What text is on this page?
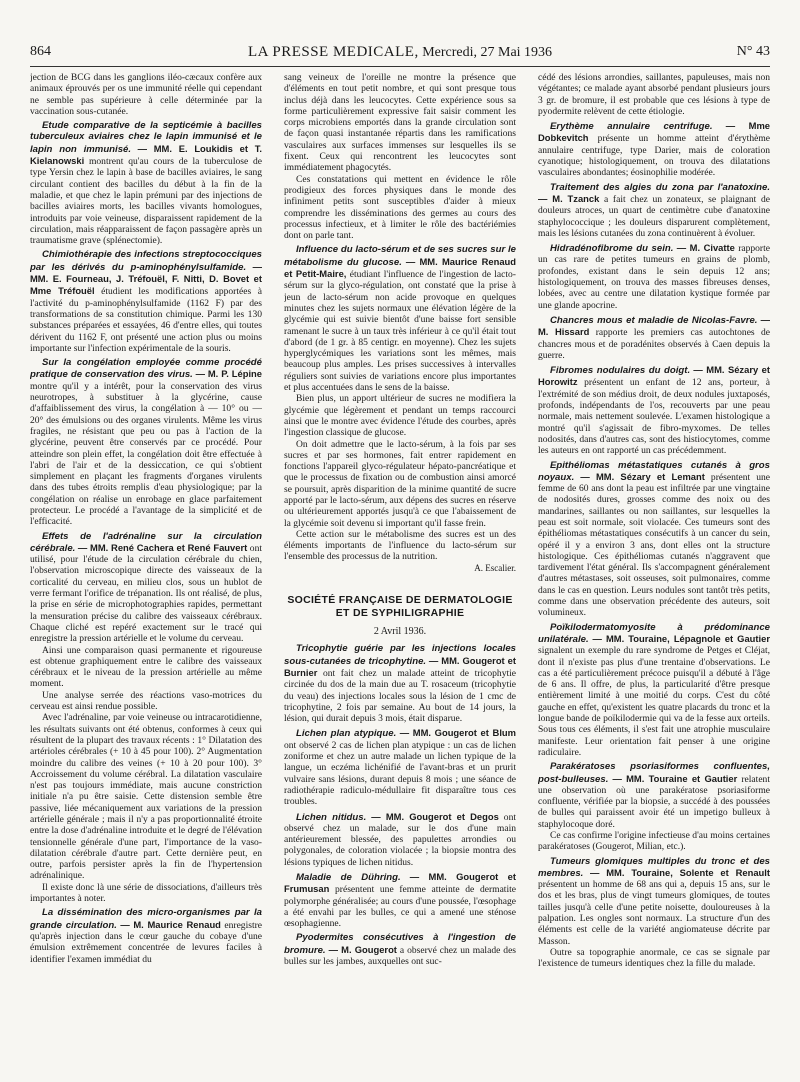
864	LA PRESSE MEDICALE, Mercredi, 27 Mai 1936	N° 43

jection de BCG dans les ganglions iléo-cæcaux confère aux animaux éprouvés per os une immunité réelle qui cependant ne semble pas supérieure à celle déterminée par la vaccination sous-cutanée.

Etude comparative de la septicémie à bacilles tuberculeux aviaires chez le lapin immunisé et le lapin non immunisé. — MM. E. Loukidis et T. Kielanowski montrent qu'au cours de la tuberculose de type Yersin chez le lapin à base de bacilles aviaires, le sang circulant contient des bacilles du début à la fin de la maladie, et que chez le lapin prémuni par des injections de bacilles aviaires morts, les bacilles vivants homologues, introduits par voie veineuse, disparaissent rapidement de la circulation, mais réapparaissent de façon passagère après un traumatisme grave (splénectomie).

Chimiothérapie des infections streptococciques par les dérivés du p-aminophénylsulfamide. — MM. E. Fourneau, J. Tréfouël, F. Nitti, D. Bovet et Mme Tréfouël étudient les modifications apportées à l'activité du p-aminophénylsulfamide (1162 F) par des transformations de sa constitution chimique. Parmi les 130 substances préparées et essayées, 46 d'entre elles, qui toutes dérivent du 1162 F, ont présenté une action plus ou moins importante sur l'infection expérimentale de la souris.

Sur la congélation employée comme procédé pratique de conservation des virus. — M. P. Lépine montre qu'il y a intérêt, pour la conservation des virus neurotropes, à substituer à la glycérine, cause d'affaiblissement des virus, la congélation à — 10° ou — 20° des émulsions ou des organes virulents. Même les virus fragiles, ne résistant que peu ou pas à l'action de la glycérine, peuvent être conservés par ce procédé. Pour atteindre son plein effet, la congélation doit être effectuée à l'abri de l'air et de la dessiccation, ce qui s'obtient simplement en plaçant les fragments d'organes virulents dans des tubes étroits remplis d'eau physiologique; par la congélation on réalise un enrobage en glace parfaitement protecteur. Le procédé a l'avantage de la simplicité et de l'efficacité.

Effets de l'adrénaline sur la circulation cérébrale. — MM. René Cachera et René Fauvert ont utilisé, pour l'étude de la circulation cérébrale du chien, l'observation microscopique directe des vaisseaux de la corticalité du cerveau, en milieu clos, sous un hublot de verre fermant l'orifice de trépanation. Ils ont réalisé, de plus, la prise en série de microphotographies rapides, permettant la mensuration précise du calibre des vaisseaux cérébraux. Chaque cliché est repéré exactement sur le tracé qui enregistre la pression artérielle et le volume du cerveau.

Ainsi une comparaison quasi permanente et rigoureuse est obtenue graphiquement entre le calibre des vaisseaux cérébraux et le niveau de la pression artérielle au même moment.

Une analyse serrée des réactions vaso-motrices du cerveau est ainsi rendue possible.

Avec l'adrénaline, par voie veineuse ou intracarotidienne, les résultats suivants ont été obtenus, conformes à ceux qui résultent de la plupart des travaux récents : 1° Dilatation des artérioles cérébrales (+ 10 à 45 pour 100). 2° Augmentation moindre du calibre des veines (+ 10 à 20 pour 100). 3° Accroissement du volume cérébral. La dilatation vasculaire n'est pas toujours immédiate, mais aucune constriction initiale n'a pu être saisie. Cette distension semble être passive, liée mécaniquement aux variations de la pression artérielle générale ; mais il n'y a pas proportionnalité étroite entre la dose d'adrénaline introduite et le degré de l'élévation tensionnelle générale d'une part, l'importance de la vaso-dilatation cérébrale d'autre part. Cette dernière peut, en outre, parfois persister après la fin de l'hypertension adrénalinique.

Il existe donc là une série de dissociations, d'ailleurs très importantes à noter.

La dissémination des micro-organismes par la grande circulation. — M. Maurice Renaud enregistre qu'après injection dans le cœur gauche du cobaye d'une émulsion extrêmement concentrée de levures faciles à identifier l'examen immédiat du

sang veineux de l'oreille ne montre la présence que d'éléments en tout petit nombre, et qui sont presque tous inclus déjà dans les leucocytes. Cette expérience sous sa forme particulièrement expressive fait saisir comment les corps microbiens emportés dans la grande circulation sont de façon quasi instantanée répartis dans les ramifications vasculaires aux surfaces immenses sur lesquelles ils se fixent. Ceux qui rencontrent les leucocytes sont immédiatement phagocytés.

Ces constatations qui mettent en évidence le rôle prodigieux des forces physiques dans le monde des infiniment petits sont susceptibles d'aider à mieux comprendre les disséminations des germes au cours des processus infectieux, et à limiter le rôle des bactériémies dont on parle tant.

Influence du lacto-sérum et de ses sucres sur le métabolisme du glucose. — MM. Maurice Renaud et Petit-Maire, étudiant l'influence de l'ingestion de lacto-sérum sur la glyco-régulation, ont constaté que la prise à jeun de lacto-sérum non acide provoque en quelques minutes chez les sujets normaux une élévation légère de la glycémie qui est suivie bientôt d'une baisse fort sensible ramenant le sucre à un taux très inférieur à ce qu'il était tout d'abord (de 1 gr. à 85 centigr. en moyenne). Chez les sujets hyperglycémiques les variations sont les mêmes, mais beaucoup plus amples. Les prises successives à intervalles réguliers sont suivies de variations encore plus importantes et plus accentuées dans le sens de la baisse.

Bien plus, un apport ultérieur de sucres ne modifiera la glycémie que légèrement et pendant un temps raccourci ainsi que le montre avec évidence l'étude des courbes, après l'ingestion classique de glucose.

On doit admettre que le lacto-sérum, à la fois par ses sucres et par ses hormones, fait entrer rapidement en fonctions l'appareil glyco-régulateur hépato-pancréatique et que le processus de fixation ou de combustion ainsi amorcé se poursuit, après disparition de la minime quantité de sucre apporté par le lacto-sérum, aux dépens des sucres en réserve ou ultérieurement apportés jusqu'à ce que l'abaissement de la glycémie soit devenu si important qu'il fasse frein.

Cette action sur le métabolisme des sucres est un des éléments importants de l'influence du lacto-sérum sur l'ensemble des processus de la nutrition.

A. Escalier.

SOCIÉTÉ FRANÇAISE DE DERMATOLOGIE ET DE SYPHILIGRAPHIE
2 Avril 1936.

Tricophytie guérie par les injections locales sous-cutanées de tricophytine. — MM. Gougerot et Burnier ont fait chez un malade atteint de tricophytie circinée du dos de la main due au T. rosaceum (tricophytie du veau) des injections locales sous la lésion de 1 cmc de tricophytine, 2 fois par semaine. Au bout de 14 jours, la lésion, qui durait depuis 3 mois, était disparue.

Lichen plan atypique. — MM. Gougerot et Blum ont observé 2 cas de lichen plan atypique : un cas de lichen zoniforme et chez un autre malade un lichen typique de la langue, un eczéma lichénifié de l'avant-bras et un prurit vulvaire sans lésions, durant depuis 8 mois ; une séance de radiothérapie radiculo-médullaire fit disparaître tous ces troubles.

Lichen nitidus. — MM. Gougerot et Degos ont observé chez un malade, sur le dos d'une main antérieurement blessée, des papulettes arrondies ou polygonales, de coloration violacée ; la biopsie montra des lésions typiques de lichen nitidus.

Maladie de Dühring. — MM. Gougerot et Frumusan présentent une femme atteinte de dermatite polymorphe généralisée; au cours d'une poussée, l'œsophage a été envahi par les bulles, ce qui a amené une sténose œsophagienne.

Pyodermites consécutives à l'ingestion de bromure. — M. Gougerot a observé chez un malade des bulles sur les jambes, auxquelles ont suc-

cédé des lésions arrondies, saillantes, papuleuses, mais non végétantes; ce malade ayant absorbé pendant plusieurs jours 3 gr. de bromure, il est probable que ces lésions à type de pyodermite relèvent de cette étiologie.

Erythème annulaire centrifuge. — Mme Dobkevitch présente un homme atteint d'érythème annulaire centrifuge, type Darier, mais de coloration cyanotique; histologiquement, on trouva des dilatations vasculaires abondantes; éosinophilie modérée.

Traitement des algies du zona par l'anatoxine. — M. Tzanck a fait chez un zonateux, se plaignant de douleurs atroces, un quart de centimètre cube d'anatoxine staphylococcique ; les douleurs disparurent complètement, mais les lésions cutanées du zona continuèrent à évoluer.

Hidradénofibrome du sein. — M. Civatte rapporte un cas rare de petites tumeurs en grains de plomb, profondes, existant dans le sein depuis 12 ans; histologiquement, on trouva des masses fibreuses denses, lobées, avec au centre une dilatation kystique formée par une glande apocrine.

Chancres mous et maladie de Nicolas-Favre. — M. Hissard rapporte les premiers cas autochtones de chancres mous et de poradénites observés à Caen depuis la guerre.

Fibromes nodulaires du doigt. — MM. Sézary et Horowitz présentent un enfant de 12 ans, porteur, à l'extrémité de son médius droit, de deux nodules juxtaposés, profonds, indépendants de l'os, recouverts par une peau normale, mais nettement soulevée. L'examen histologique a montré qu'il s'agissait de fibro-myxomes. De telles nodosités, dans d'autres cas, sont des histiocytomes, comme les auteurs en ont rapporté un cas précédemment.

Epithéliomas métastatiques cutanés à gros noyaux. — MM. Sézary et Lemant présentent une femme de 60 ans dont la peau est infiltrée par une vingtaine de nodosités dures, grosses comme des noix ou des mandarines, saillantes ou non saillantes, sur lesquelles la peau est soit normale, soit violacée. Ces tumeurs sont des épithéliomas métastatiques consécutifs à un cancer du sein, opéré il y a environ 3 ans, dont elles ont la structure histologique. Ces épithéliomas cutanés n'aggravent que tardivement l'état général. Ils s'accompagnent généralement d'autres métastases, soit osseuses, soit pulmonaires, comme dans le cas en question. Leurs nodules sont tantôt très petits, comme dans une observation précédente des auteurs, soit volumineux.

Poïkilodermatomyosite à prédominance unilatérale. — MM. Touraine, Lépagnole et Gautier signalent un exemple du rare syndrome de Petges et Cléjat, dont il n'existe pas plus d'une trentaine d'observations. Le cas a été particulièrement précoce puisqu'il a débuté à l'âge de 6 ans. Il offre, de plus, la particularité d'être presque entièrement limité à une moitié du corps. C'est du côté gauche en effet, qu'existent les quatre placards du tronc et la longue bande de poïkilodermie qui va de la fesse aux orteils. Sous tous ces éléments, il s'est fait une atrophie musculaire manifeste. Leur orientation fait penser à une origine radiculaire.

Parakératoses psoriasiformes confluentes, post-bulleuses. — MM. Touraine et Gautier relatent une observation où une parakératose psoriasiforme confluente, vérifiée par la biopsie, a succédé à des poussées de bulles qui paraissent avoir été un impetigo bulleux à staphylocoque doré.

Ce cas confirme l'origine infectieuse d'au moins certaines parakératoses (Gougerot, Milian, etc.).

Tumeurs glomiques multiples du tronc et des membres. — MM. Touraine, Solente et Renault présentent un homme de 68 ans qui a, depuis 15 ans, sur le dos et les bras, plus de vingt tumeurs glomiques, de toutes tailles jusqu'à celle d'une petite noisette, douloureuses à la palpation. Les ongles sont normaux. La structure d'un des éléments est celle de la variété angiomateuse décrite par Masson.

Outre sa topographie anormale, ce cas se signale par l'existence de tumeurs identiques chez la fille du malade.
